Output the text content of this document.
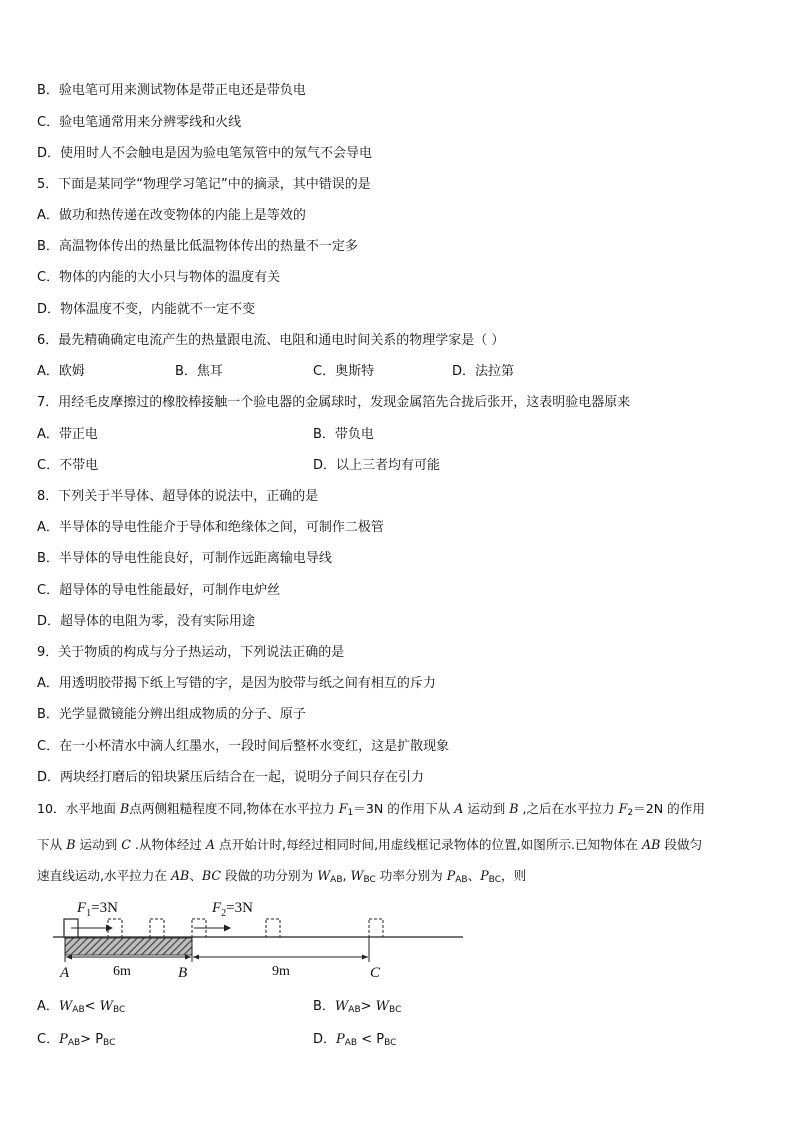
B．验电笔可用来测试物体是带正电还是带负电
C．验电笔通常用来分辨零线和火线
D．使用时人不会触电是因为验电笔氖管中的氖气不会导电
5．下面是某同学“物理学习笔记”中的摘录，其中错误的是
A．做功和热传递在改变物体的内能上是等效的
B．高温物体传出的热量比低温物体传出的热量不一定多
C．物体的内能的大小只与物体的温度有关
D．物体温度不变，内能就不一定不变
6．最先精确确定电流产生的热量跟电流、电阻和通电时间关系的物理学家是（ ）
A．欧姆	B．焦耳	C．奥斯特	D．法拉第
7．用经毛皮摩擦过的橡胶棒接触一个验电器的金属球时，发现金属箔先合拢后张开，这表明验电器原来
A．带正电	B．带负电
C．不带电	D．以上三者均有可能
8．下列关于半导体、超导体的说法中，正确的是
A．半导体的导电性能介于导体和绝缘体之间，可制作二极管
B．半导体的导电性能良好，可制作远距离输电导线
C．超导体的导电性能最好，可制作电炉丝
D．超导体的电阻为零，没有实际用途
9．关于物质的构成与分子热运动，下列说法正确的是
A．用透明胶带揭下纸上写错的字，是因为胶带与纸之间有相互的斥力
B．光学显微镜能分辨出组成物质的分子、原子
C．在一小杯清水中滴人红墨水，一段时间后整杯水变红，这是扩散现象
D．两块经打磨后的铅块紧压后结合在一起，说明分子间只存在引力
10．水平地面 B点两侧粗糙程度不同,物体在水平拉力 $F_1=3N$ 的作用下从 A 运动到 B ,之后在水平拉力 $F_2=2N$ 的作用
下从 B 运动到 C .从物体经过 A 点开始计时,每经过相同时间,用虚线框记录物体的位置,如图所示.已知物体在 AB 段做匀
速直线运动,水平拉力在 AB、BC 段做的功分别为 $W_{AB}$, $W_{BC}$ 功率分别为 $P_{AB}$、$P_{BC}$，则
$F_1=3N$	$F_2=3N$
6m	9m
A	B	C
A．$W_{AB}< W_{BC}$	B．$W_{AB}> W_{BC}$
C．$P_{AB}> P_{BC}$	D．$P_{AB} < P_{BC}$
